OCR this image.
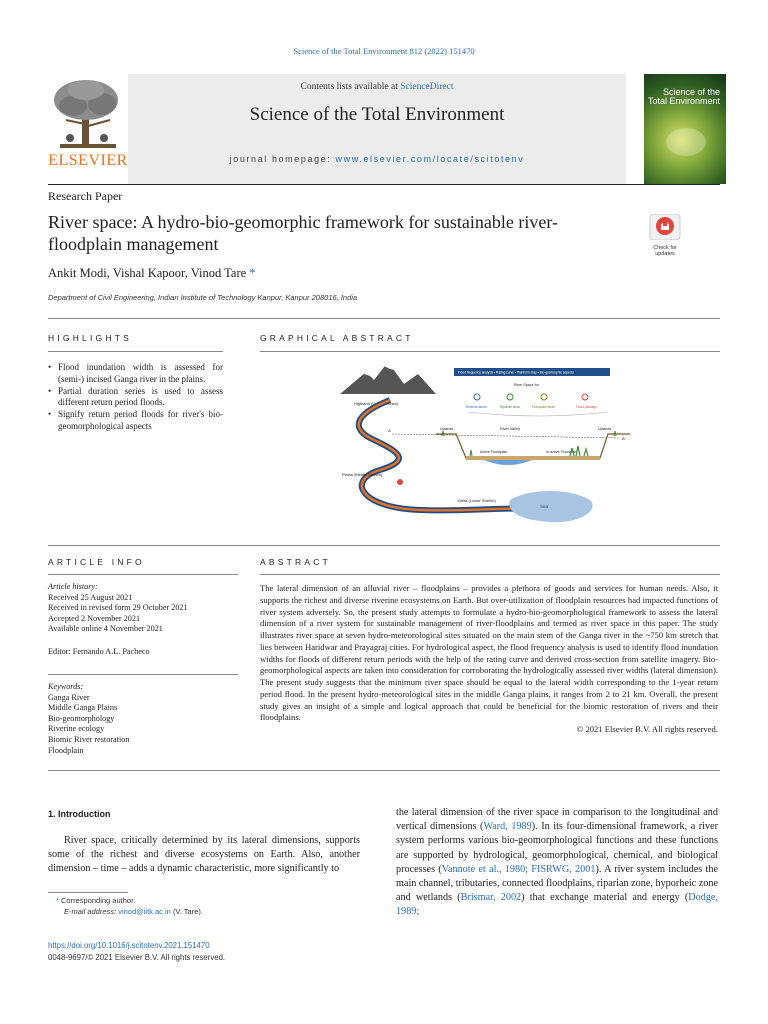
Science of the Total Environment 812 (2022) 151470
Contents lists available at ScienceDirect
Science of the Total Environment
journal homepage: www.elsevier.com/locate/scitotenv
ELSEVIER
Science of the
Total Environment
Research Paper
River space: A hydro-bio-geomorphic framework for sustainable river-floodplain management	Check for
updates
Ankit Modi, Vishal Kapoor, Vinod Tare *
Department of Civil Engineering, Indian Institute of Technology Kanpur, Kanpur 208016, India
HIGHLIGHTS
• Flood inundation width is assessed for (semi-) incised Ganga river in the plains.
• Partial duration series is used to assess different return period floods.
• Signify return period floods for river's bio-geomorphological aspects
GRAPHICAL ABSTRACT
Highland (Upper Stretch)
Plains (Middle Stretch)
Delta (Lower Stretch)
Sea
Flood frequency analysis • Rating curve • Planform map • Bio-geomorphic aspects
River Space for
Riverine fauna	Riparian biota	Floodplain biota	Flood passage
Uplands	Uplands
River Valley
A
A'
Active Floodplain	In-active Floodplain
ARTICLE INFO
Article history:
Received 25 August 2021
Received in revised form 29 October 2021
Accepted 2 November 2021
Available online 4 November 2021
Editor: Fernando A.L. Pacheco
Keywords:
Ganga River
Middle Ganga Plains
Bio-geomorphology
Riverine ecology
Biomic River restoration
Floodplain
ABSTRACT
The lateral dimension of an alluvial river – floodplains – provides a plethora of goods and services for human needs. Also, it supports the richest and diverse riverine ecosystems on Earth. But over-utilization of floodplain resources had impacted functions of river system adversely. So, the present study attempts to formulate a hydro-bio-geomorphological framework to assess the lateral dimension of a river system for sustainable management of river-floodplains and termed as river space in this paper. The study illustrates river space at seven hydro-meteorological sites situated on the main stem of the Ganga river in the ~750 km stretch that lies between Haridwar and Prayagraj cities. For hydrological aspect, the flood frequency analysis is used to identify flood inundation widths for floods of different return periods with the help of the rating curve and derived cross-section from satellite imagery. Bio-geomorphological aspects are taken into consideration for corroborating the hydrologically assessed river widths (lateral dimension). The present study suggests that the minimum river space should be equal to the lateral width corresponding to the 1-year return period flood. In the present hydro-meteorological sites in the middle Ganga plains, it ranges from 2 to 21 km. Overall, the present study gives an insight of a simple and logical approach that could be beneficial for the biomic restoration of rivers and their floodplains.
© 2021 Elsevier B.V. All rights reserved.
1. Introduction
River space, critically determined by its lateral dimensions, supports some of the richest and diverse ecosystems on Earth. Also, another dimension – time – adds a dynamic characteristic, more significantly to
the lateral dimension of the river space in comparison to the longitudinal and vertical dimensions (Ward, 1989). In its four-dimensional framework, a river system performs various bio-geomorphological functions and these functions are supported by hydrological, geomorphological, chemical, and biological processes (Vannote et al., 1980; FISRWG, 2001). A river system includes the main channel, tributaries, connected floodplains, riparian zone, hyporheic zone and wetlands (Brismar, 2002) that exchange material and energy (Dodge, 1989;
* Corresponding author.
E-mail address: vinod@iitk.ac.in (V. Tare).
https://doi.org/10.1016/j.scitotenv.2021.151470
0048-9697/© 2021 Elsevier B.V. All rights reserved.
